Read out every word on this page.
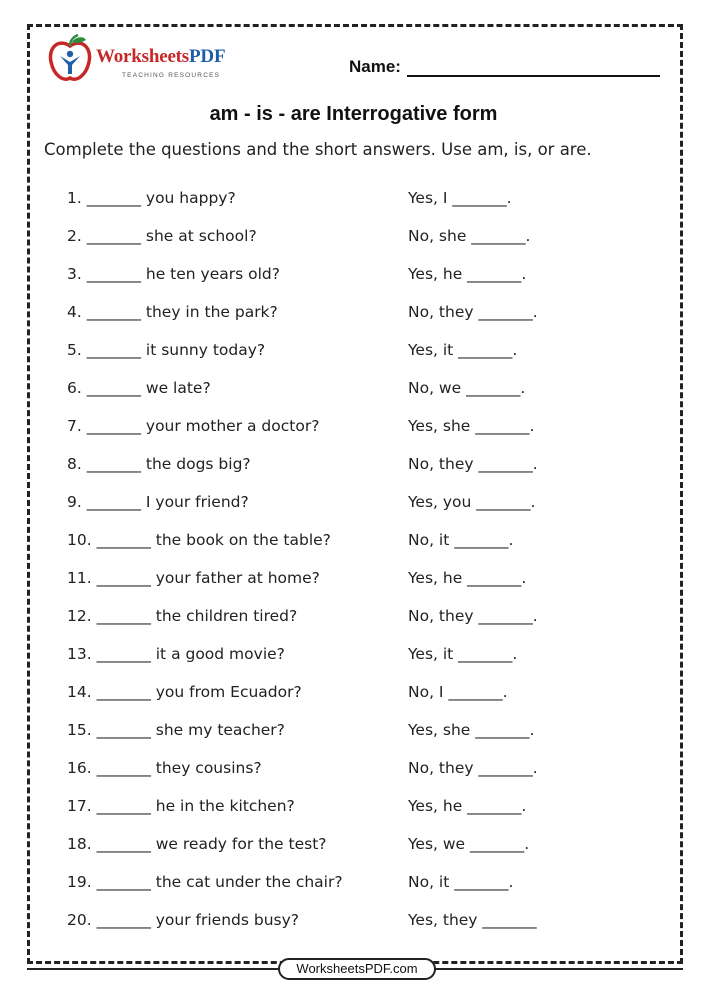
WorksheetsPDF
TEACHING RESOURCES	Name:
am - is - are Interrogative form
Complete the questions and the short answers. Use am, is, or are.
1. _______ you happy?	Yes, I _______.
2. _______ she at school?	No, she _______.
3. _______ he ten years old?	Yes, he _______.
4. _______ they in the park?	No, they _______.
5. _______ it sunny today?	Yes, it _______.
6. _______ we late?	No, we _______.
7. _______ your mother a doctor?	Yes, she _______.
8. _______ the dogs big?	No, they _______.
9. _______ I your friend?	Yes, you _______.
10. _______ the book on the table?	No, it _______.
11. _______ your father at home?	Yes, he _______.
12. _______ the children tired?	No, they _______.
13. _______ it a good movie?	Yes, it _______.
14. _______ you from Ecuador?	No, I _______.
15. _______ she my teacher?	Yes, she _______.
16. _______ they cousins?	No, they _______.
17. _______ he in the kitchen?	Yes, he _______.
18. _______ we ready for the test?	Yes, we _______.
19. _______ the cat under the chair?	No, it _______.
20. _______ your friends busy?	Yes, they _______
WorksheetsPDF.com
